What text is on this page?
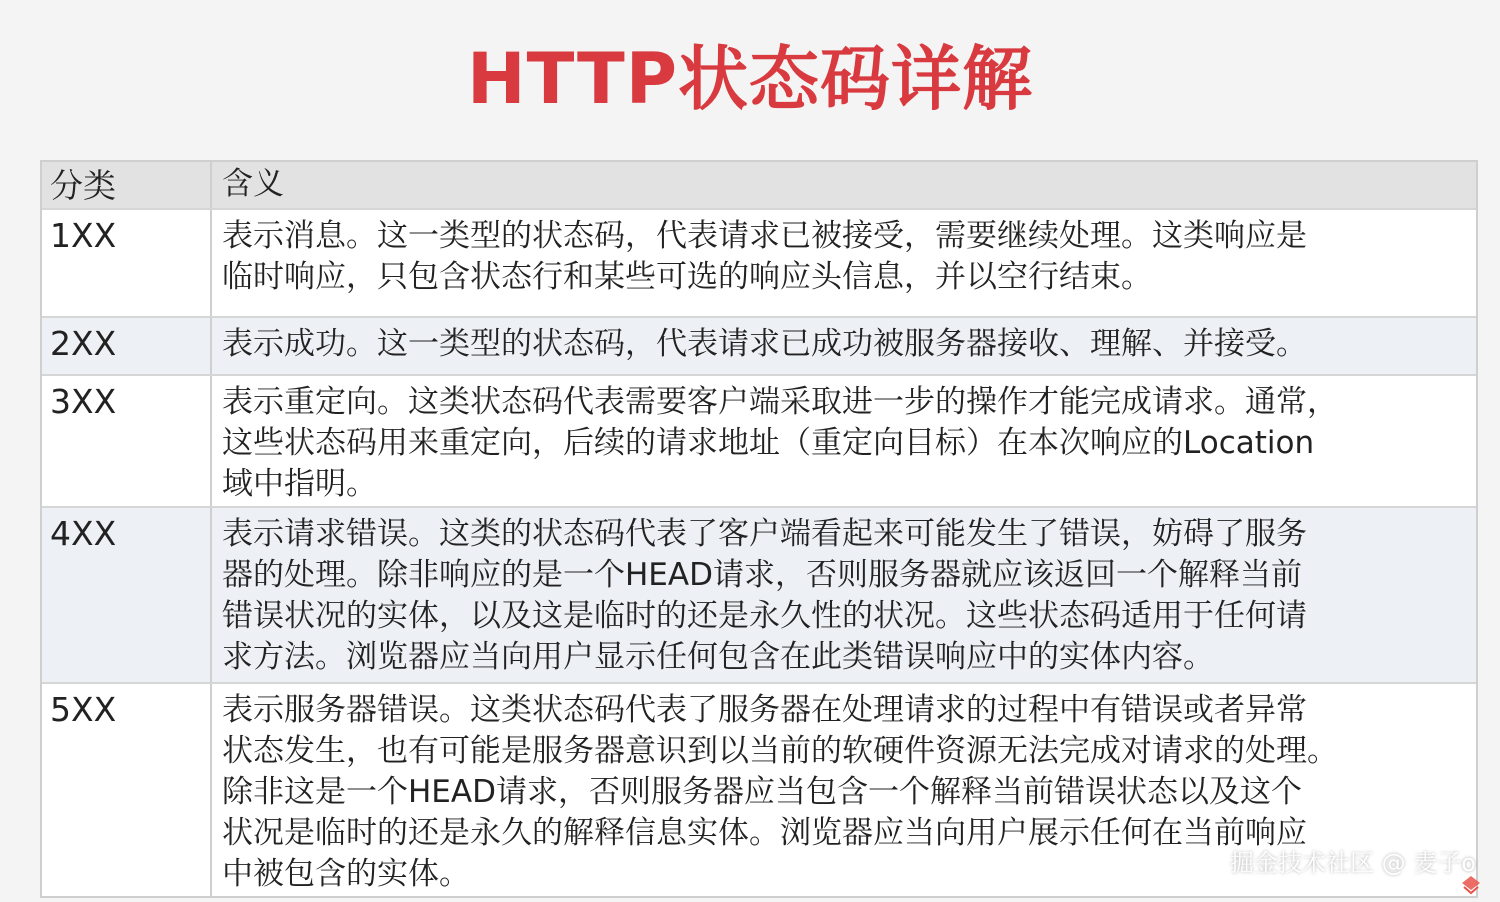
HTTP状态码详解
分类	含义
1XX	表示消息。这一类型的状态码，代表请求已被接受，需要继续处理。这类响应是
临时响应，只包含状态行和某些可选的响应头信息，并以空行结束。
2XX	表示成功。这一类型的状态码，代表请求已成功被服务器接收、理解、并接受。
3XX	表示重定向。这类状态码代表需要客户端采取进一步的操作才能完成请求。通常，
这些状态码用来重定向，后续的请求地址（重定向目标）在本次响应的Location
域中指明。
4XX	表示请求错误。这类的状态码代表了客户端看起来可能发生了错误，妨碍了服务
器的处理。除非响应的是一个HEAD请求，否则服务器就应该返回一个解释当前
错误状况的实体，以及这是临时的还是永久性的状况。这些状态码适用于任何请
求方法。浏览器应当向用户显示任何包含在此类错误响应中的实体内容。
5XX	表示服务器错误。这类状态码代表了服务器在处理请求的过程中有错误或者异常
状态发生，也有可能是服务器意识到以当前的软硬件资源无法完成对请求的处理。
除非这是一个HEAD请求，否则服务器应当包含一个解释当前错误状态以及这个
状况是临时的还是永久的解释信息实体。浏览器应当向用户展示任何在当前响应
中被包含的实体。	掘金技术社区 @ 麦子o
